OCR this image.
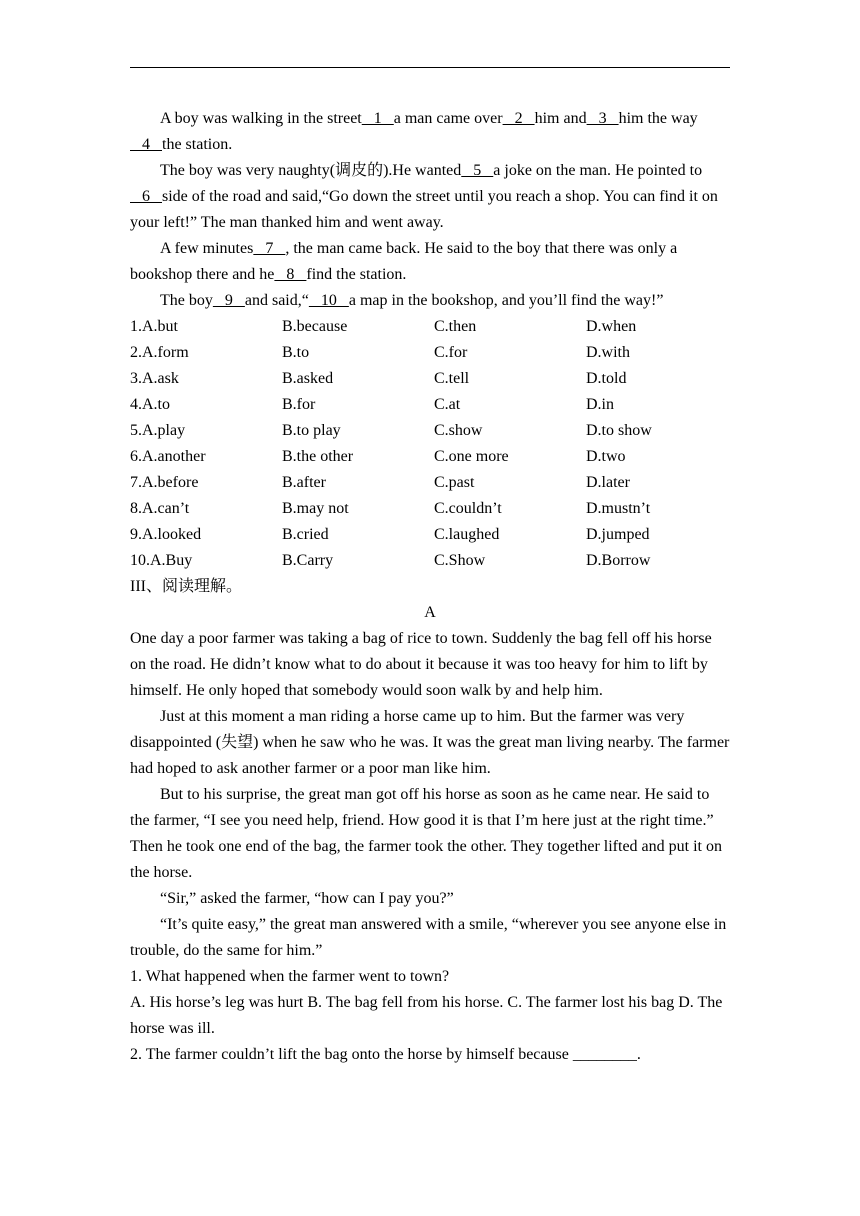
A boy was walking in the street   1   a man came over   2   him and   3   him the way   4   the station.

The boy was very naughty(调皮的).He wanted   5   a joke on the man. He pointed to   6   side of the road and said,“Go down the street until you reach a shop. You can find it on your left!” The man thanked him and went away.

A few minutes   7   , the man came back. He said to the boy that there was only a bookshop there and he   8   find the station.

The boy   9   and said,“   10   a map in the bookshop, and you’ll find the way!”

1.A.but	B.because	C.then	D.when
2.A.form	B.to	C.for	D.with
3.A.ask	B.asked	C.tell	D.told
4.A.to	B.for	C.at	D.in
5.A.play	B.to play	C.show	D.to show
6.A.another	B.the other	C.one more	D.two
7.A.before	B.after	C.past	D.later
8.A.can’t	B.may not	C.couldn’t	D.mustn’t
9.A.looked	B.cried	C.laughed	D.jumped
10.A.Buy	B.Carry	C.Show	D.Borrow

III、阅读理解。

A

One day a poor farmer was taking a bag of rice to town. Suddenly the bag fell off his horse on the road. He didn’t know what to do about it because it was too heavy for him to lift by himself. He only hoped that somebody would soon walk by and help him.

Just at this moment a man riding a horse came up to him. But the farmer was very disappointed (失望) when he saw who he was. It was the great man living nearby. The farmer had hoped to ask another farmer or a poor man like him.

But to his surprise, the great man got off his horse as soon as he came near. He said to the farmer, “I see you need help, friend. How good it is that I’m here just at the right time.” Then he took one end of the bag, the farmer took the other. They together lifted and put it on the horse.

“Sir,” asked the farmer, “how can I pay you?”

“It’s quite easy,” the great man answered with a smile, “wherever you see anyone else in trouble, do the same for him.”

1. What happened when the farmer went to town?

A. His horse’s leg was hurt B. The bag fell from his horse. C. The farmer lost his bag D. The horse was ill.

2. The farmer couldn’t lift the bag onto the horse by himself because ________.
